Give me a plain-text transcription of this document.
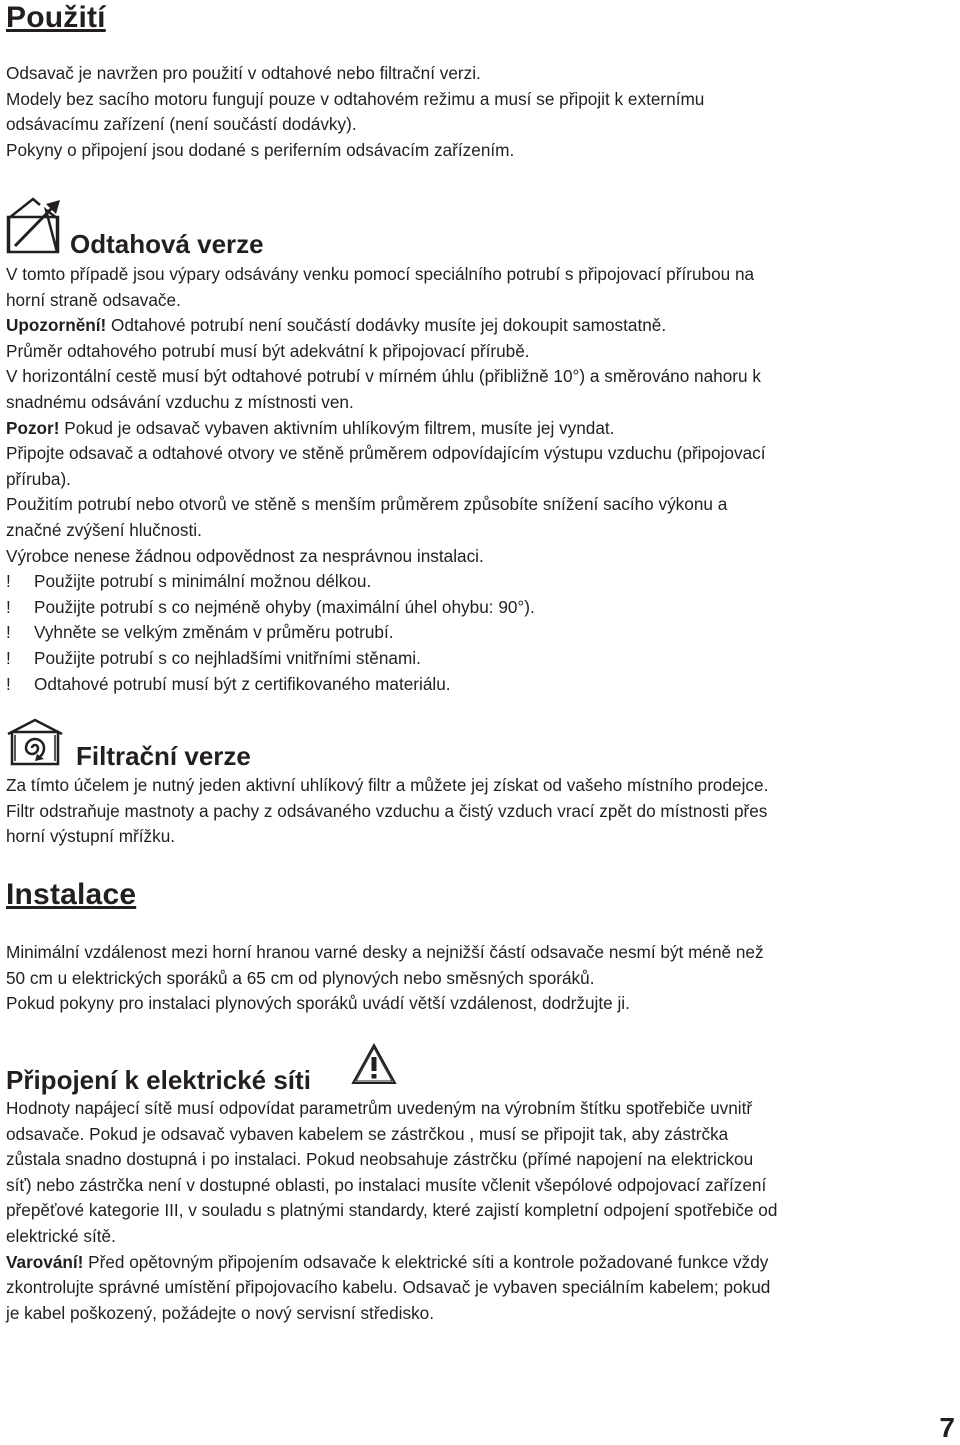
Použití
Odsavač je navržen pro použití v odtahové nebo filtrační verzi.
Modely bez sacího motoru fungují pouze v odtahovém režimu a musí se připojit k externímu
odsávacímu zařízení (není součástí dodávky).
Pokyny o připojení jsou dodané s periferním odsávacím zařízením.
Odtahová verze
V tomto případě jsou výpary odsávány venku pomocí speciálního potrubí s připojovací přírubou na
horní straně odsavače.
Upozornění! Odtahové potrubí není součástí dodávky musíte jej dokoupit samostatně.
Průměr odtahového potrubí musí být adekvátní k připojovací přírubě.
V horizontální cestě musí být odtahové potrubí v mírném úhlu (přibližně 10°) a směrováno nahoru k
snadnému odsávání vzduchu z místnosti ven.
Pozor! Pokud je odsavač vybaven aktivním uhlíkovým filtrem, musíte jej vyndat.
Připojte odsavač a odtahové otvory ve stěně průměrem odpovídajícím výstupu vzduchu (připojovací
příruba).
Použitím potrubí nebo otvorů ve stěně s menším průměrem způsobíte snížení sacího výkonu a
značné zvýšení hlučnosti.
Výrobce nenese žádnou odpovědnost za nesprávnou instalaci.
! Použijte potrubí s minimální možnou délkou.
! Použijte potrubí s co nejméně ohyby (maximální úhel ohybu: 90°).
! Vyhněte se velkým změnám v průměru potrubí.
! Použijte potrubí s co nejhladšími vnitřními stěnami.
! Odtahové potrubí musí být z certifikovaného materiálu.
Filtrační verze
Za tímto účelem je nutný jeden aktivní uhlíkový filtr a můžete jej získat od vašeho místního prodejce.
Filtr odstraňuje mastnoty a pachy z odsávaného vzduchu a čistý vzduch vrací zpět do místnosti přes
horní výstupní mřížku.
Instalace
Minimální vzdálenost mezi horní hranou varné desky a nejnižší částí odsavače nesmí být méně než
50 cm u elektrických sporáků a 65 cm od plynových nebo směsných sporáků.
Pokud pokyny pro instalaci plynových sporáků uvádí větší vzdálenost, dodržujte ji.
Připojení k elektrické síti
Hodnoty napájecí sítě musí odpovídat parametrům uvedeným na výrobním štítku spotřebiče uvnitř
odsavače. Pokud je odsavač vybaven kabelem se zástrčkou , musí se připojit tak, aby zástrčka
zůstala snadno dostupná i po instalaci. Pokud neobsahuje zástrčku (přímé napojení na elektrickou
síť) nebo zástrčka není v dostupné oblasti, po instalaci musíte včlenit všepólové odpojovací zařízení
přepěťové kategorie III, v souladu s platnými standardy, které zajistí kompletní odpojení spotřebiče od
elektrické sítě.
Varování! Před opětovným připojením odsavače k elektrické síti a kontrole požadované funkce vždy
zkontrolujte správné umístění připojovacího kabelu. Odsavač je vybaven speciálním kabelem; pokud
je kabel poškozený, požádejte o nový servisní středisko.
7
